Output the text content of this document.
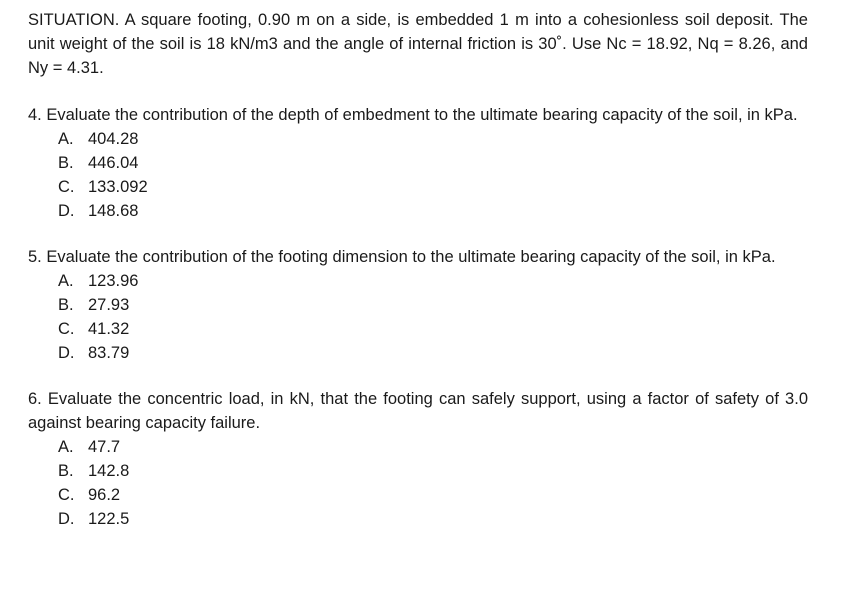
SITUATION. A square footing, 0.90 m on a side, is embedded 1 m into a cohesionless soil deposit. The unit weight of the soil is 18 kN/m3 and the angle of internal friction is 30˚. Use Nc = 18.92, Nq = 8.26, and Ny = 4.31.

4. Evaluate the contribution of the depth of embedment to the ultimate bearing capacity of the soil, in kPa.

A. 404.28
B. 446.04
C. 133.092
D. 148.68

5. Evaluate the contribution of the footing dimension to the ultimate bearing capacity of the soil, in kPa.

A. 123.96
B. 27.93
C. 41.32
D. 83.79

6. Evaluate the concentric load, in kN, that the footing can safely support, using a factor of safety of 3.0 against bearing capacity failure.

A. 47.7
B. 142.8
C. 96.2
D. 122.5
